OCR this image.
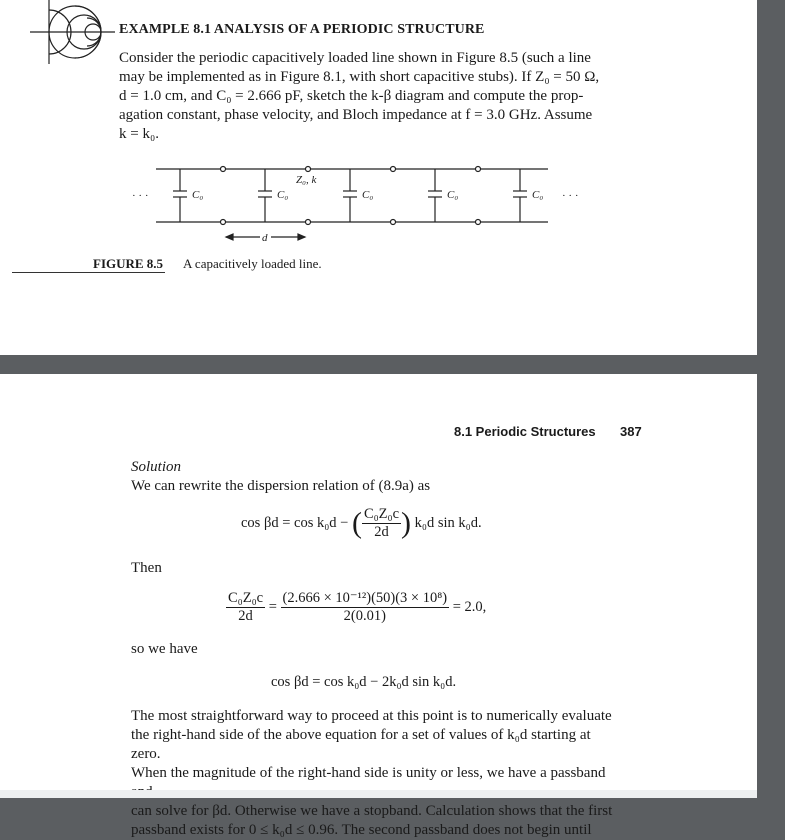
EXAMPLE 8.1 ANALYSIS OF A PERIODIC STRUCTURE
Consider the periodic capacitively loaded line shown in Figure 8.5 (such a line
may be implemented as in Figure 8.1, with short capacitive stubs). If Z₀ = 50 Ω,
d = 1.0 cm, and C₀ = 2.666 pF, sketch the k-β diagram and compute the prop-
agation constant, phase velocity, and Bloch impedance at f = 3.0 GHz. Assume
k = k₀.
Z₀, k
C₀	C₀	C₀	C₀	C₀
d
· · ·	· · ·
FIGURE 8.5 A capacitively loaded line.
8.1 Periodic Structures 387
Solution
We can rewrite the dispersion relation of (8.9a) as
cos βd = cos k₀d − ( $\frac{\text{C₀Z₀c}}{2d}$ ) k₀d sin k₀d.
Then
$\frac{\text{C₀Z₀c}}{2d} = \frac{\text{(2.666 × 10⁻¹²)(50)(3 × 10⁸)}}{2(0.01)} = 2.0$,
so we have
cos βd = cos k₀d − 2k₀d sin k₀d.
The most straightforward way to proceed at this point is to numerically evaluate
the right-hand side of the above equation for a set of values of k₀d starting at zero.
When the magnitude of the right-hand side is unity or less, we have a passband
can solve for βd. Otherwise we have a stopband. Calculation shows that the first
passband exists for 0 ≤ k₀d ≤ 0.96. The second passband does not begin until
